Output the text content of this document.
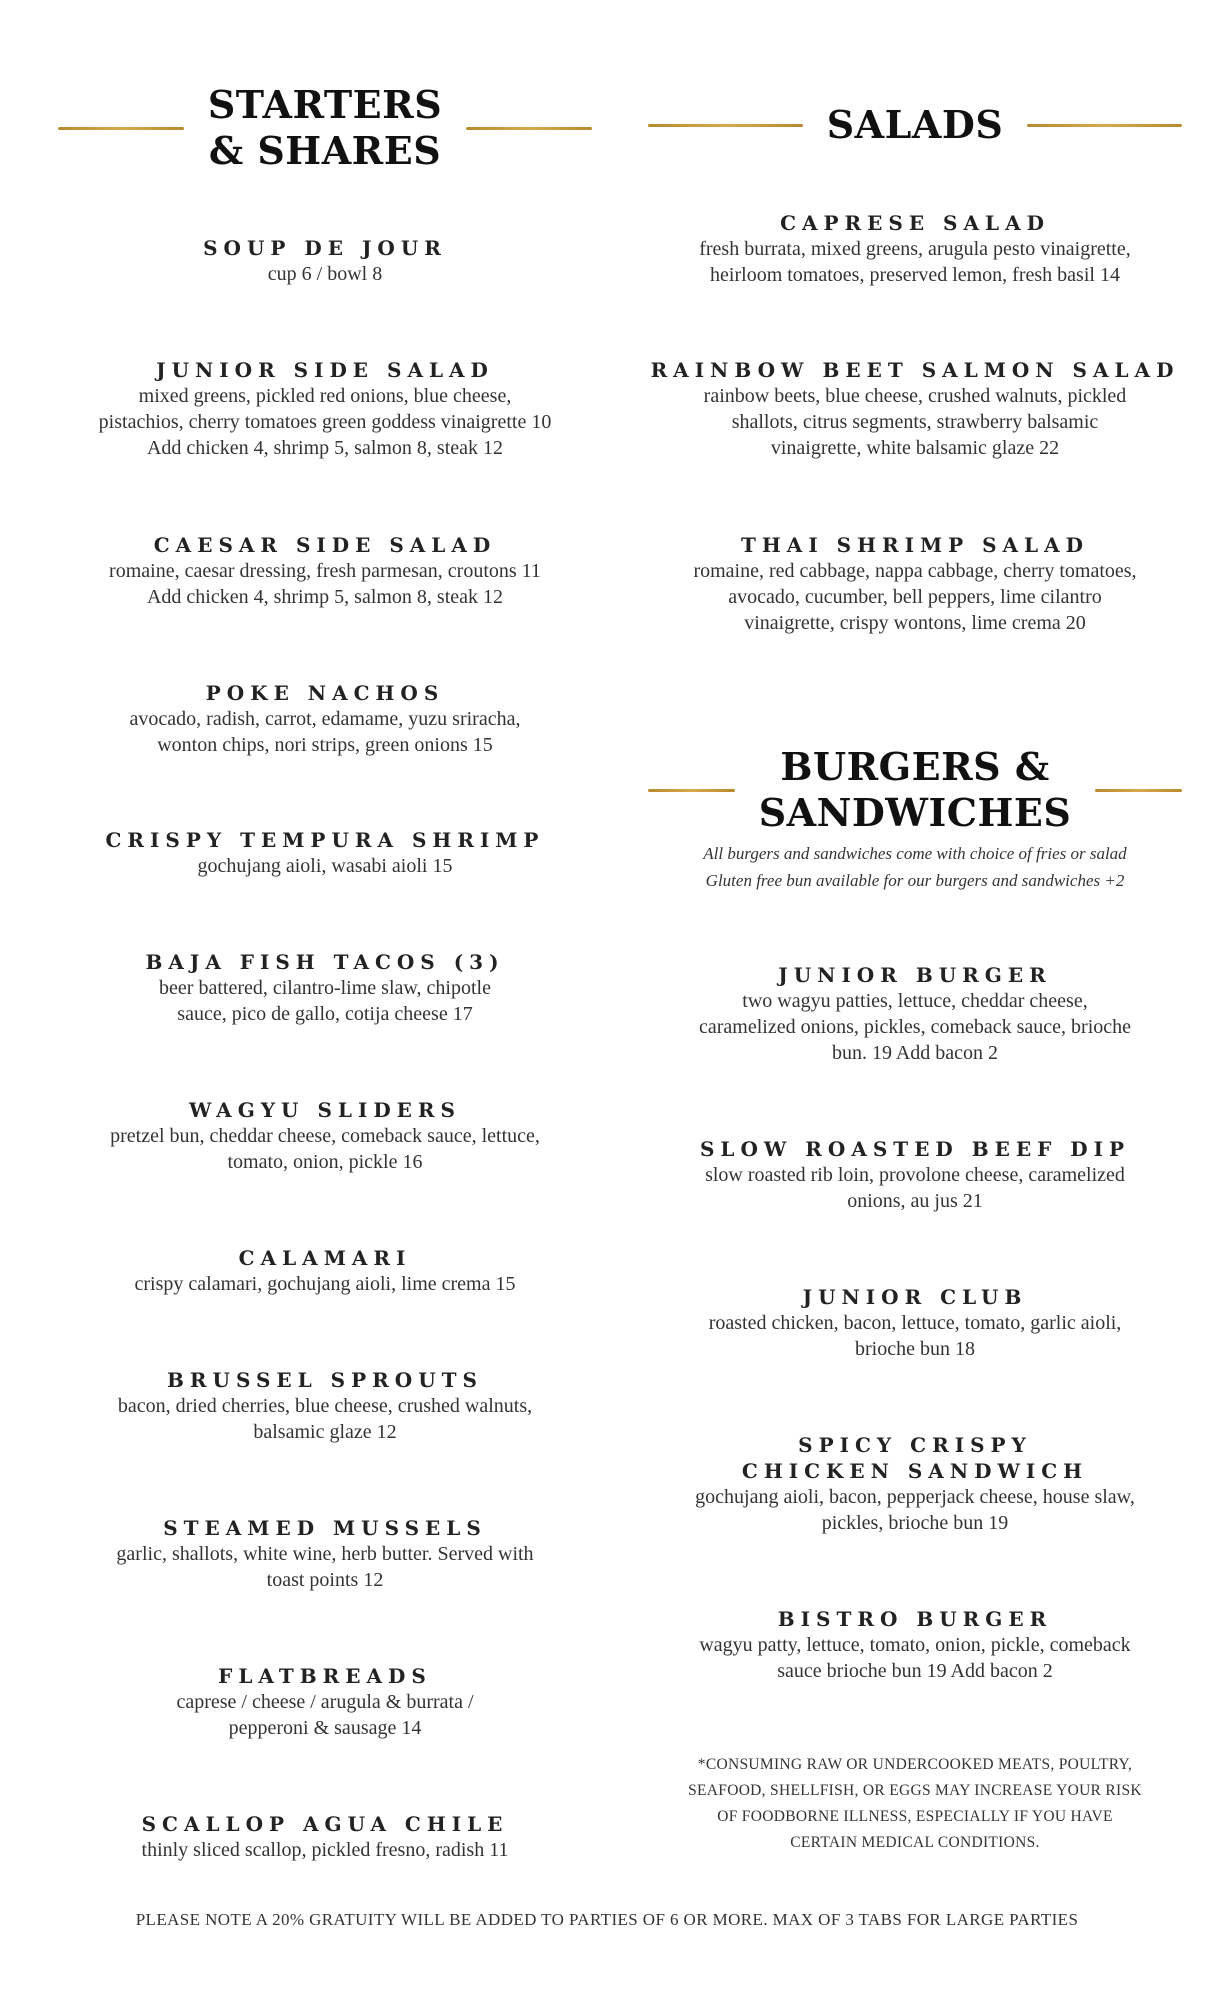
STARTERS
& SHARES
SOUP DE JOUR
cup 6 / bowl 8
JUNIOR SIDE SALAD
mixed greens, pickled red onions, blue cheese,
pistachios, cherry tomatoes green goddess vinaigrette 10
Add chicken 4, shrimp 5, salmon 8, steak 12
CAESAR SIDE SALAD
romaine, caesar dressing, fresh parmesan, croutons 11
Add chicken 4, shrimp 5, salmon 8, steak 12
POKE NACHOS
avocado, radish, carrot, edamame, yuzu sriracha,
wonton chips, nori strips, green onions 15
CRISPY TEMPURA SHRIMP
gochujang aioli, wasabi aioli 15
BAJA FISH TACOS (3)
beer battered, cilantro-lime slaw, chipotle
sauce, pico de gallo, cotija cheese 17
WAGYU SLIDERS
pretzel bun, cheddar cheese, comeback sauce, lettuce,
tomato, onion, pickle 16
CALAMARI
crispy calamari, gochujang aioli, lime crema 15
BRUSSEL SPROUTS
bacon, dried cherries, blue cheese, crushed walnuts,
balsamic glaze 12
STEAMED MUSSELS
garlic, shallots, white wine, herb butter. Served with
toast points 12
FLATBREADS
caprese / cheese / arugula & burrata /
pepperoni & sausage 14
SCALLOP AGUA CHILE
thinly sliced scallop, pickled fresno, radish 11
SALADS
CAPRESE SALAD
fresh burrata, mixed greens, arugula pesto vinaigrette,
heirloom tomatoes, preserved lemon, fresh basil 14
RAINBOW BEET SALMON SALAD
rainbow beets, blue cheese, crushed walnuts, pickled
shallots, citrus segments, strawberry balsamic
vinaigrette, white balsamic glaze 22
THAI SHRIMP SALAD
romaine, red cabbage, nappa cabbage, cherry tomatoes,
avocado, cucumber, bell peppers, lime cilantro
vinaigrette, crispy wontons, lime crema 20
BURGERS &
SANDWICHES
All burgers and sandwiches come with choice of fries or salad
Gluten free bun available for our burgers and sandwiches +2
JUNIOR BURGER
two wagyu patties, lettuce, cheddar cheese,
caramelized onions, pickles, comeback sauce, brioche
bun. 19 Add bacon 2
SLOW ROASTED BEEF DIP
slow roasted rib loin, provolone cheese, caramelized
onions, au jus 21
JUNIOR CLUB
roasted chicken, bacon, lettuce, tomato, garlic aioli,
brioche bun 18
SPICY CRISPY
CHICKEN SANDWICH
gochujang aioli, bacon, pepperjack cheese, house slaw,
pickles, brioche bun 19
BISTRO BURGER
wagyu patty, lettuce, tomato, onion, pickle, comeback
sauce brioche bun 19 Add bacon 2
*CONSUMING RAW OR UNDERCOOKED MEATS, POULTRY,
SEAFOOD, SHELLFISH, OR EGGS MAY INCREASE YOUR RISK
OF FOODBORNE ILLNESS, ESPECIALLY IF YOU HAVE
CERTAIN MEDICAL CONDITIONS.
PLEASE NOTE A 20% GRATUITY WILL BE ADDED TO PARTIES OF 6 OR MORE. MAX OF 3 TABS FOR LARGE PARTIES
